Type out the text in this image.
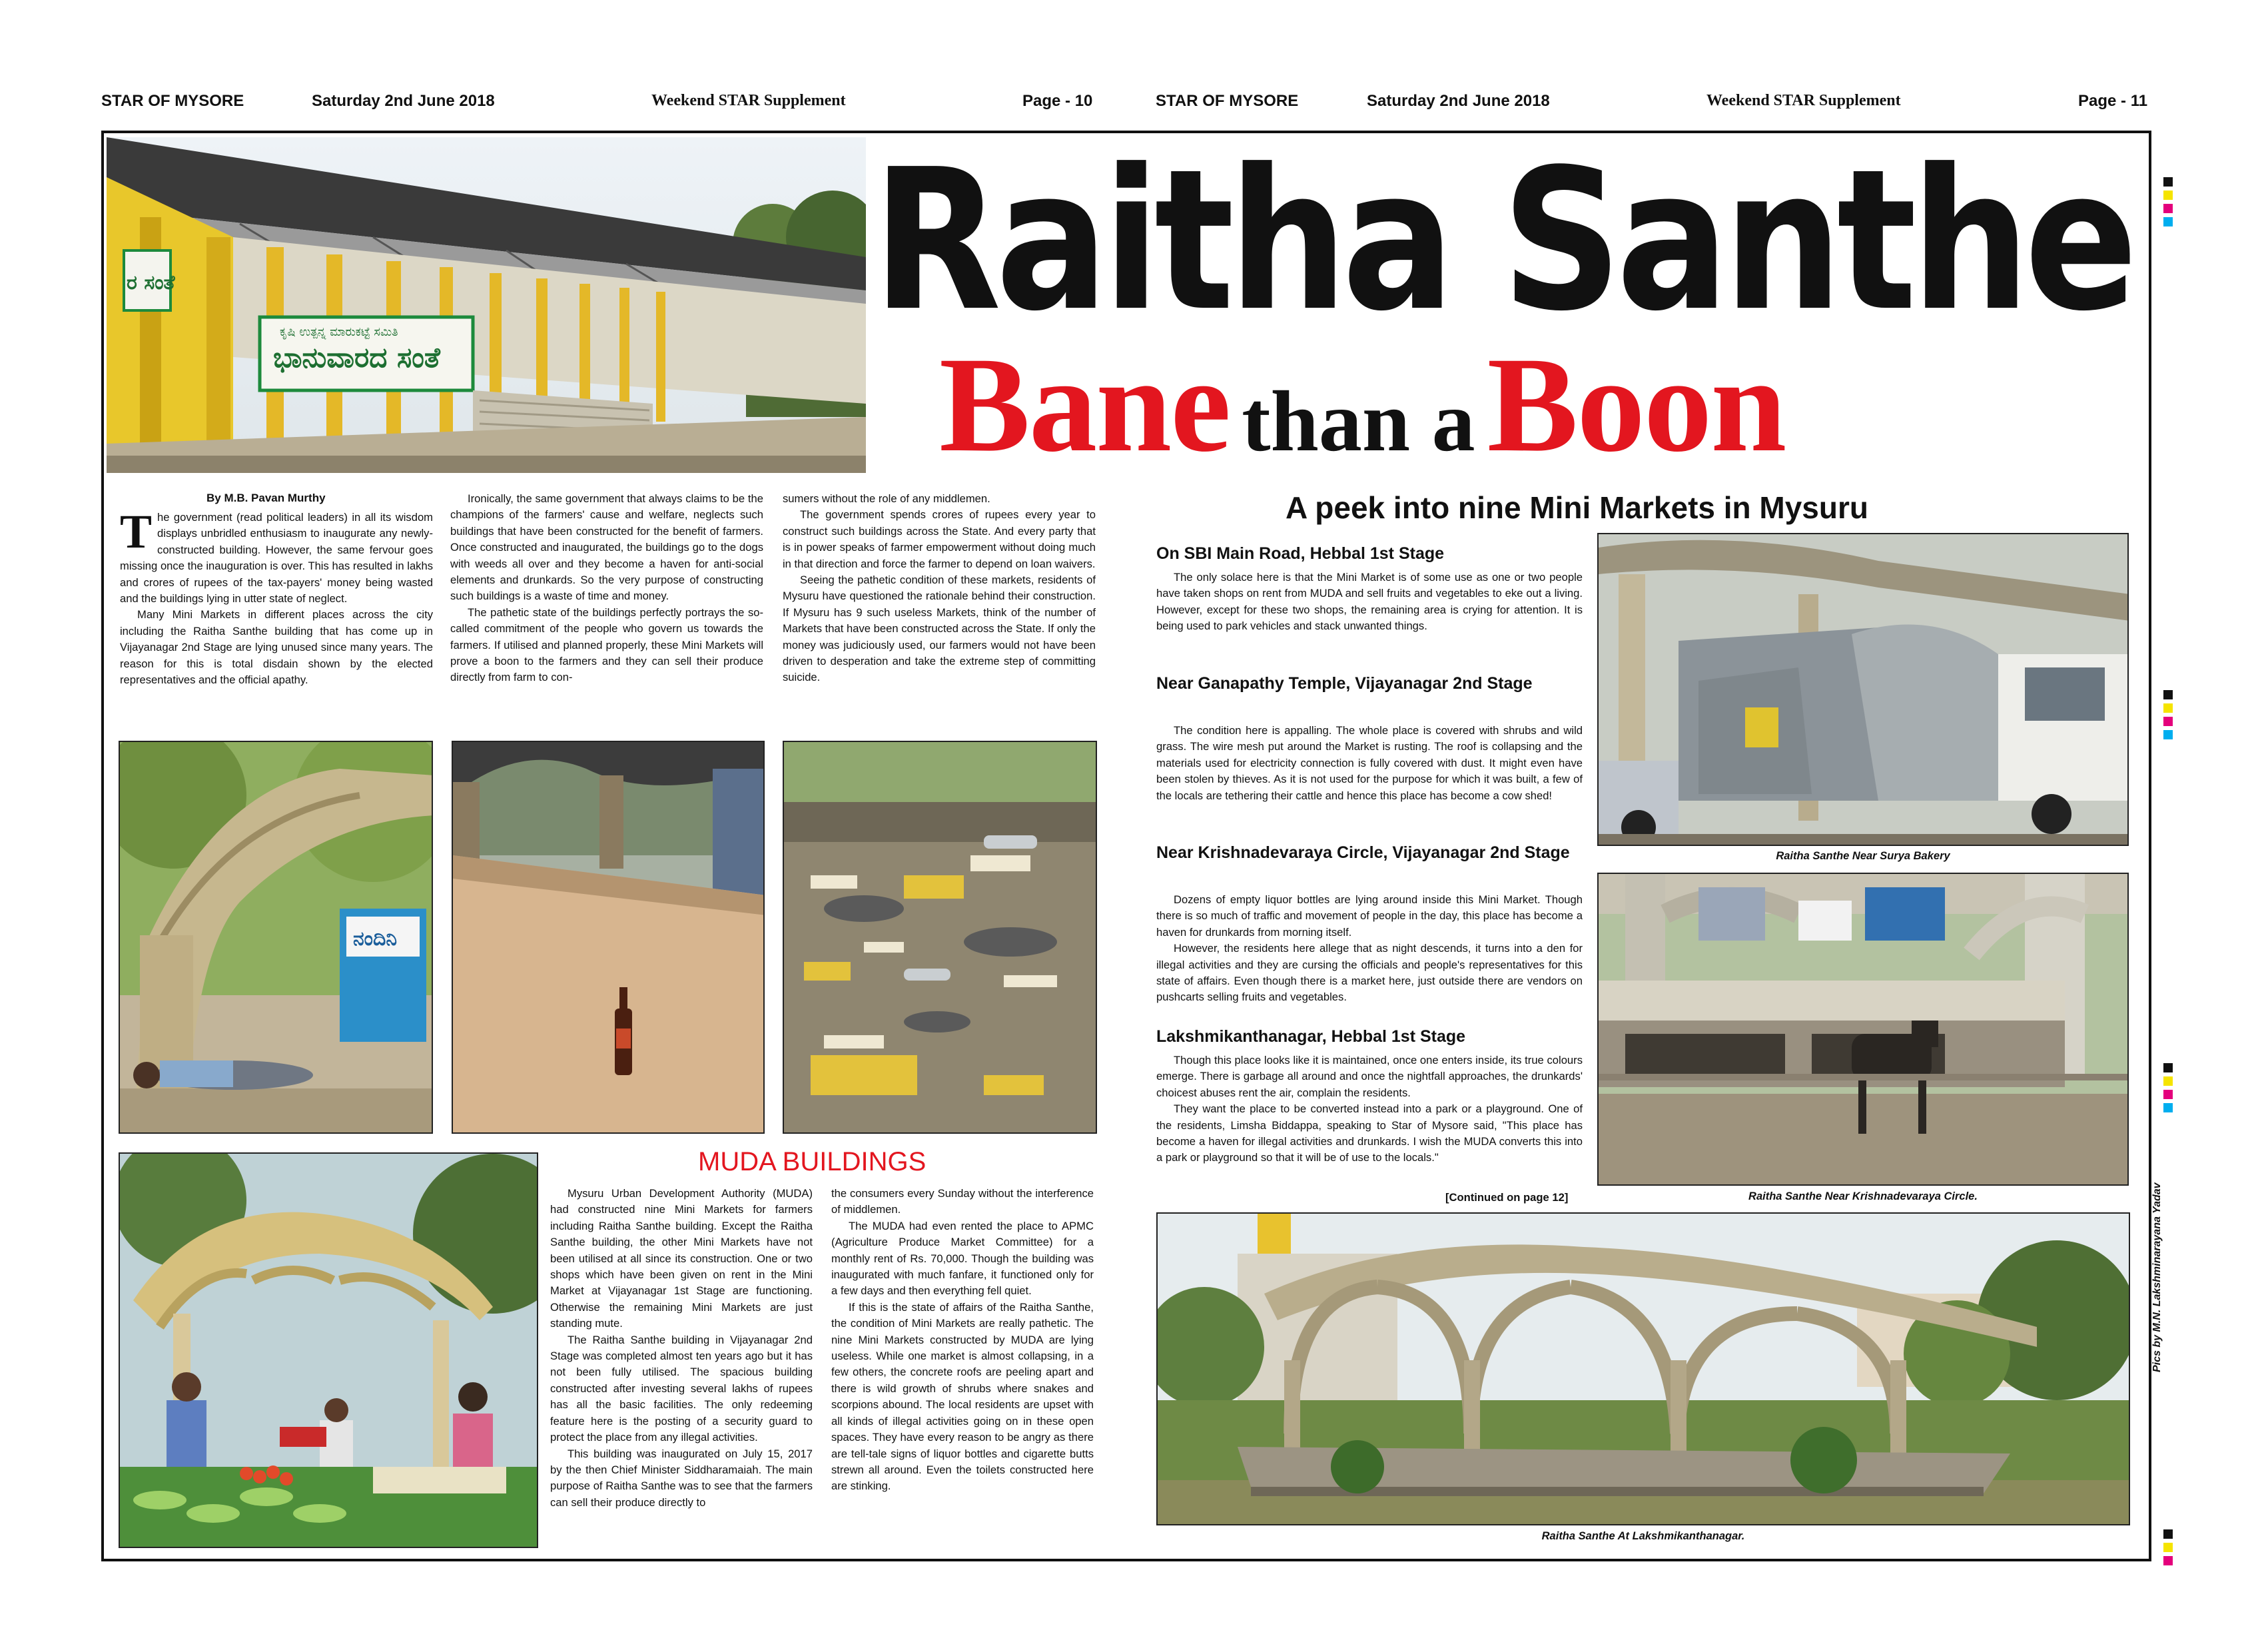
STAR OF MYSORE	Saturday 2nd June 2018	Weekend STAR Supplement	Page - 10	STAR OF MYSORE	Saturday 2nd June 2018	Weekend STAR Supplement	Page - 11
ರ ಸಂತೆ
ಕೃಷಿ ಉತ್ಪನ್ನ ಮಾರುಕಟ್ಟೆ ಸಮಿತಿ
ಭಾನುವಾರದ ಸಂತೆ
Raitha Santhe
Bane than a Boon
A peek into nine Mini Markets in Mysuru
By M.B. Pavan Murthy

The government (read political leaders) in all its wisdom displays unbridled enthusiasm to inaugurate any newly-constructed building. However, the same fervour goes missing once the inauguration is over. This has resulted in lakhs and crores of rupees of the tax-payers' money being wasted and the buildings lying in utter state of neglect.

Many Mini Markets in different places across the city including the Raitha Santhe building that has come up in Vijayanagar 2nd Stage are lying unused since many years. The reason for this is total disdain shown by the elected representatives and the official apathy.

Ironically, the same government that always claims to be the champions of the farmers' cause and welfare, neglects such buildings that have been constructed for the benefit of farmers. Once constructed and inaugurated, the buildings go to the dogs with weeds all over and they become a haven for anti-social elements and drunkards. So the very purpose of constructing such buildings is a waste of time and money.

The pathetic state of the buildings perfectly portrays the so-called commitment of the people who govern us towards the farmers. If utilised and planned properly, these Mini Markets will prove a boon to the farmers and they can sell their produce directly from farm to con-

sumers without the role of any middlemen.

The government spends crores of rupees every year to construct such buildings across the State. And every party that is in power speaks of farmer empowerment without doing much in that direction and force the farmer to depend on loan waivers.

Seeing the pathetic condition of these markets, residents of Mysuru have questioned the rationale behind their construction. If Mysuru has 9 such useless Markets, think of the number of Markets that have been constructed across the State. If only the money was judiciously used, our farmers would not have been driven to desperation and take the extreme step of committing suicide.

ನಂದಿನಿ
MUDA BUILDINGS

Mysuru Urban Development Authority (MUDA) had constructed nine Mini Markets for farmers including Raitha Santhe building. Except the Raitha Santhe building, the other Mini Markets have not been utilised at all since its construction. One or two shops which have been given on rent in the Mini Market at Vijayanagar 1st Stage are functioning. Otherwise the remaining Mini Markets are just standing mute.

The Raitha Santhe building in Vijayanagar 2nd Stage was completed almost ten years ago but it has not been fully utilised. The spacious building constructed after investing several lakhs of rupees has all the basic facilities. The only redeeming feature here is the posting of a security guard to protect the place from any illegal activities.

This building was inaugurated on July 15, 2017 by the then Chief Minister Siddharamaiah. The main purpose of Raitha Santhe was to see that the farmers can sell their produce directly to

the consumers every Sunday without the interference of middlemen.

The MUDA had even rented the place to APMC (Agriculture Produce Market Committee) for a monthly rent of Rs. 70,000. Though the building was inaugurated with much fanfare, it functioned only for a few days and then everything fell quiet.

If this is the state of affairs of the Raitha Santhe, the condition of Mini Markets are really pathetic. The nine Mini Markets constructed by MUDA are lying useless. While one market is almost collapsing, in a few others, the concrete roofs are peeling apart and there is wild growth of shrubs where snakes and scorpions abound. The local residents are upset with all kinds of illegal activities going on in these open spaces. They have every reason to be angry as there are tell-tale signs of liquor bottles and cigarette butts strewn all around. Even the toilets constructed here are stinking.

On SBI Main Road, Hebbal 1st Stage

The only solace here is that the Mini Market is of some use as one or two people have taken shops on rent from MUDA and sell fruits and vegetables to eke out a living. However, except for these two shops, the remaining area is crying for attention. It is being used to park vehicles and stack unwanted things.

Near Ganapathy Temple, Vijayanagar 2nd Stage

The condition here is appalling. The whole place is covered with shrubs and wild grass. The wire mesh put around the Market is rusting. The roof is collapsing and the materials used for electricity connection is fully covered with dust. It might even have been stolen by thieves. As it is not used for the purpose for which it was built, a few of the locals are tethering their cattle and hence this place has become a cow shed!

Near Krishnadevaraya Circle, Vijayanagar 2nd Stage

Dozens of empty liquor bottles are lying around inside this Mini Market. Though there is so much of traffic and movement of people in the day, this place has become a haven for drunkards from morning itself.

However, the residents here allege that as night descends, it turns into a den for illegal activities and they are cursing the officials and people's representatives for this state of affairs. Even though there is a market here, just outside there are vendors on pushcarts selling fruits and vegetables.

Lakshmikanthanagar, Hebbal 1st Stage

Though this place looks like it is maintained, once one enters inside, its true colours emerge. There is garbage all around and once the nightfall approaches, the drunkards' choicest abuses rent the air, complain the residents.

They want the place to be converted instead into a park or a playground. One of the residents, Limsha Biddappa, speaking to Star of Mysore said, "This place has become a haven for illegal activities and drunkards. I wish the MUDA converts this into a park or playground so that it will be of use to the locals."

[Continued on page 12]
Raitha Santhe Near Surya Bakery
Raitha Santhe Near Krishnadevaraya Circle.
Raitha Santhe At Lakshmikanthanagar.
Pics by M.N. Lakshminarayana Yadav
